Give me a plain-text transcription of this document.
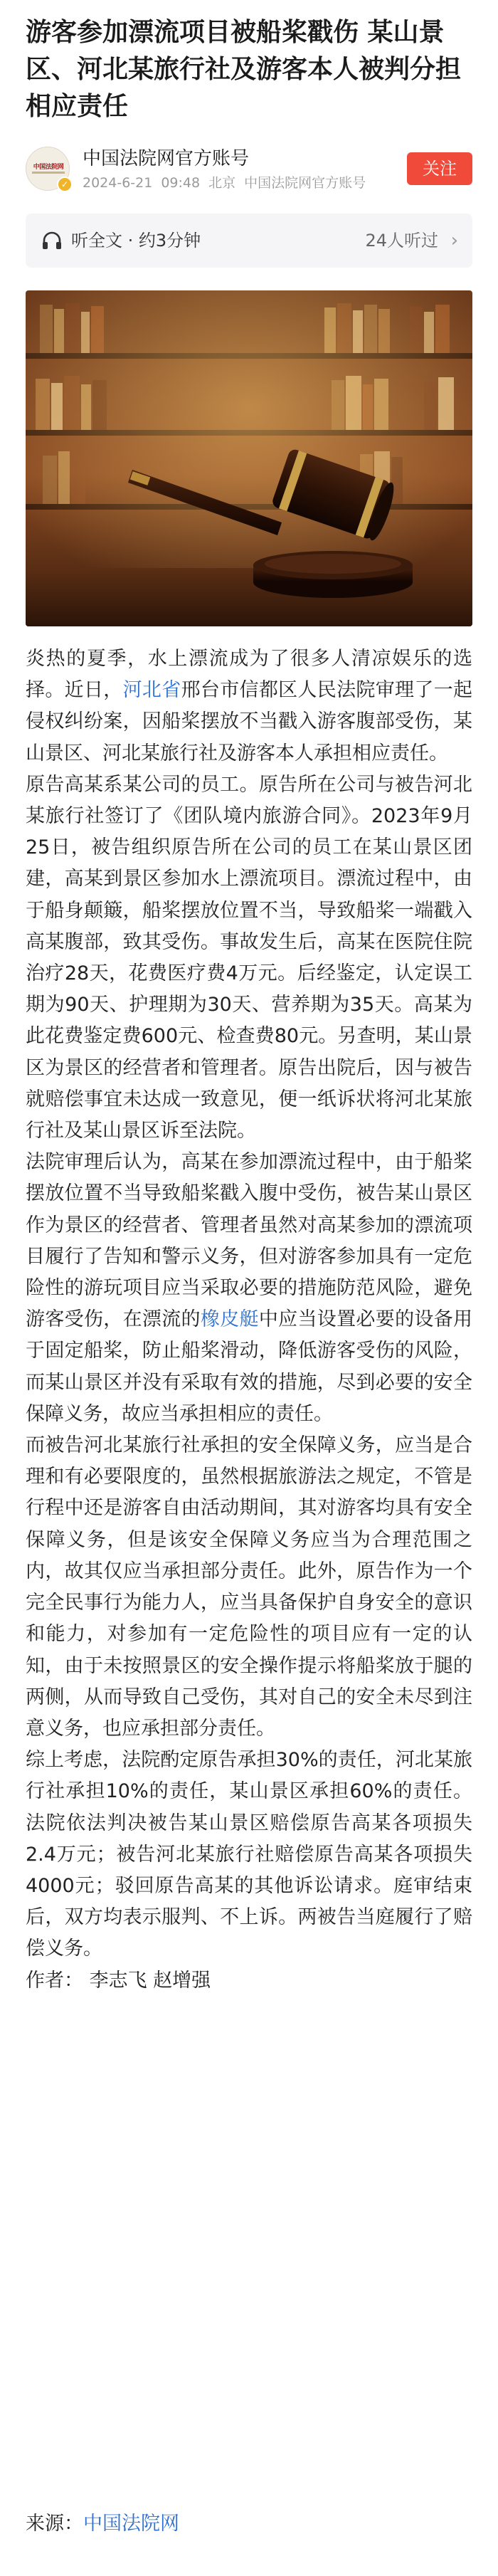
游客参加漂流项目被船桨戳伤 某山景区、河北某旅行社及游客本人被判分担相应责任
中国法院网
✓
中国法院网官方账号
2024-6-21 09:48 北京 中国法院网官方账号
关注
听全文 · 约3分钟	24人听过 ›

炎热的夏季，水上漂流成为了很多人清凉娱乐的选择。近日，河北省邢台市信都区人民法院审理了一起侵权纠纷案，因船桨摆放不当戳入游客腹部受伤，某山景区、河北某旅行社及游客本人承担相应责任。

原告高某系某公司的员工。原告所在公司与被告河北某旅行社签订了《团队境内旅游合同》。2023年9月25日，被告组织原告所在公司的员工在某山景区团建，高某到景区参加水上漂流项目。漂流过程中，由于船身颠簸，船桨摆放位置不当，导致船桨一端戳入高某腹部，致其受伤。事故发生后，高某在医院住院治疗28天，花费医疗费4万元。后经鉴定，认定误工期为90天、护理期为30天、营养期为35天。高某为此花费鉴定费600元、检查费80元。另查明，某山景区为景区的经营者和管理者。原告出院后，因与被告就赔偿事宜未达成一致意见，便一纸诉状将河北某旅行社及某山景区诉至法院。

法院审理后认为，高某在参加漂流过程中，由于船桨摆放位置不当导致船桨戳入腹中受伤，被告某山景区作为景区的经营者、管理者虽然对高某参加的漂流项目履行了告知和警示义务，但对游客参加具有一定危险性的游玩项目应当采取必要的措施防范风险，避免游客受伤，在漂流的橡皮艇中应当设置必要的设备用于固定船桨，防止船桨滑动，降低游客受伤的风险，而某山景区并没有采取有效的措施，尽到必要的安全保障义务，故应当承担相应的责任。

而被告河北某旅行社承担的安全保障义务，应当是合理和有必要限度的，虽然根据旅游法之规定，不管是行程中还是游客自由活动期间，其对游客均具有安全保障义务，但是该安全保障义务应当为合理范围之内，故其仅应当承担部分责任。此外，原告作为一个完全民事行为能力人，应当具备保护自身安全的意识和能力，对参加有一定危险性的项目应有一定的认知，由于未按照景区的安全操作提示将船桨放于腿的两侧，从而导致自己受伤，其对自己的安全未尽到注意义务，也应承担部分责任。

综上考虑，法院酌定原告承担30%的责任，河北某旅行社承担10%的责任，某山景区承担60%的责任。法院依法判决被告某山景区赔偿原告高某各项损失2.4万元；被告河北某旅行社赔偿原告高某各项损失4000元；驳回原告高某的其他诉讼请求。庭审结束后，双方均表示服判、不上诉。两被告当庭履行了赔偿义务。

作者： 李志飞 赵增强

来源：中国法院网
